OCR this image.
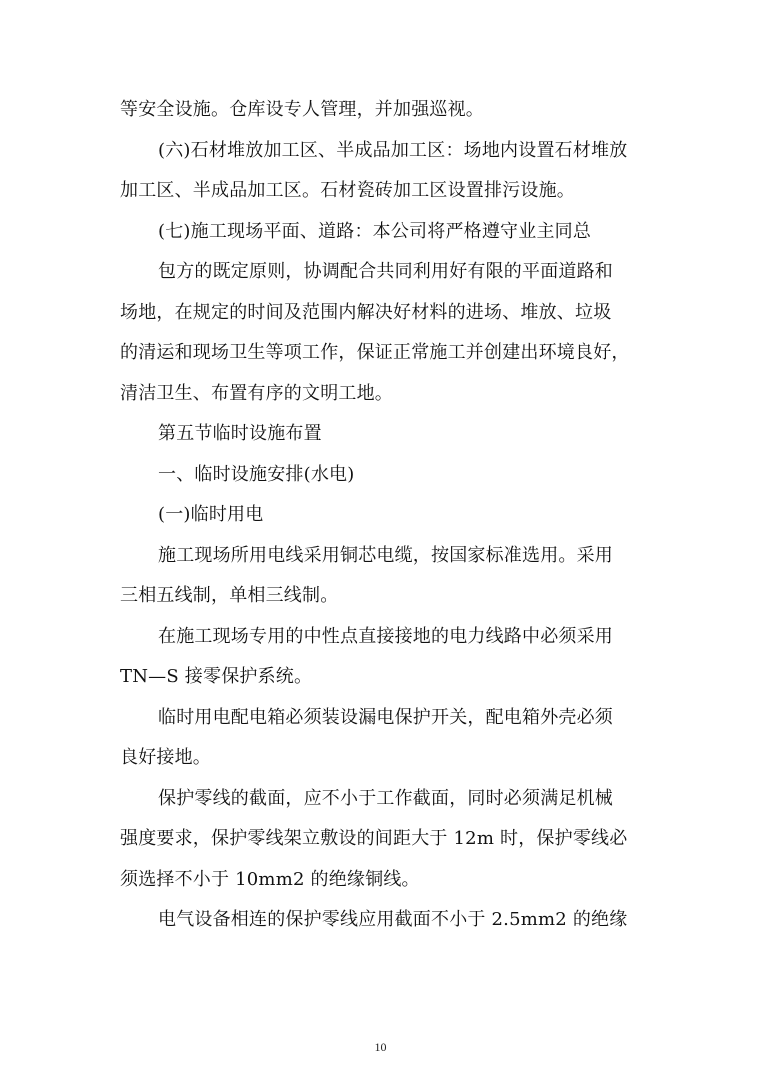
等安全设施。仓库设专人管理，并加强巡视。
(六)石材堆放加工区、半成品加工区：场地内设置石材堆放
加工区、半成品加工区。石材瓷砖加工区设置排污设施。
(七)施工现场平面、道路：本公司将严格遵守业主同总
包方的既定原则，协调配合共同利用好有限的平面道路和
场地，在规定的时间及范围内解决好材料的进场、堆放、垃圾
的清运和现场卫生等项工作，保证正常施工并创建出环境良好，
清洁卫生、布置有序的文明工地。
第五节临时设施布置
一、临时设施安排(水电)
(一)临时用电
施工现场所用电线采用铜芯电缆，按国家标准选用。采用
三相五线制，单相三线制。
在施工现场专用的中性点直接接地的电力线路中必须采用
TN—S 接零保护系统。
临时用电配电箱必须装设漏电保护开关，配电箱外壳必须
良好接地。
保护零线的截面，应不小于工作截面，同时必须满足机械
强度要求，保护零线架立敷设的间距大于 12m 时，保护零线必
须选择不小于 10mm2 的绝缘铜线。
电气设备相连的保护零线应用截面不小于 2.5mm2 的绝缘
10
